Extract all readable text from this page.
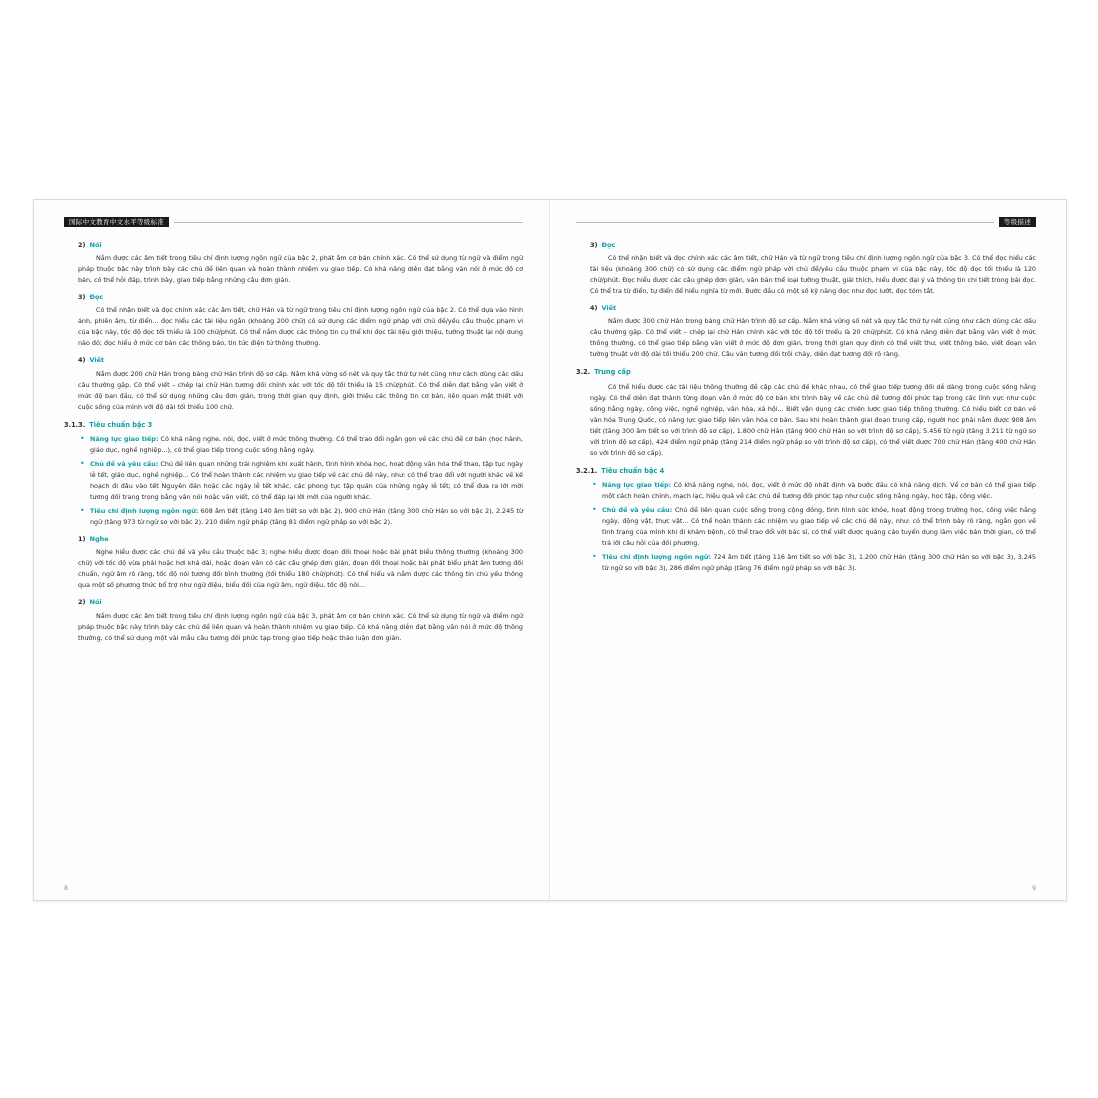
国际中文教育中文水平等级标准
2) Nói

Nắm được các âm tiết trong tiêu chí định lượng ngôn ngữ của bậc 2, phát âm cơ bản chính xác. Có thể sử dụng từ ngữ và điểm ngữ pháp thuộc bậc này trình bày các chủ đề liên quan và hoàn thành nhiệm vụ giao tiếp. Có khả năng diễn đạt bằng văn nói ở mức độ cơ bản, có thể hỏi đáp, trình bày, giao tiếp bằng những câu đơn giản.

3) Đọc

Có thể nhận biết và đọc chính xác các âm tiết, chữ Hán và từ ngữ trong tiêu chí định lượng ngôn ngữ của bậc 2. Có thể dựa vào hình ảnh, phiên âm, từ điển... đọc hiểu các tài liệu ngắn (khoảng 200 chữ) có sử dụng các điểm ngữ pháp với chủ đề/yếu câu thuộc phạm vi của bậc này, tốc độ đọc tối thiểu là 100 chữ/phút. Có thể nắm được các thông tin cụ thể khi đọc tài liệu giới thiệu, tường thuật lại nội dung nào đó; đọc hiểu ở mức cơ bản các thông báo, tin tức điện tử thông thường.

4) Viết

Nắm được 200 chữ Hán trong bảng chữ Hán trình độ sơ cấp. Nắm khá vững số nét và quy tắc thứ tự nét cũng như cách dùng các dấu câu thường gặp. Có thể viết – chép lại chữ Hán tương đối chính xác với tốc độ tối thiểu là 15 chữ/phút. Có thể diễn đạt bằng văn viết ở mức độ ban đầu, có thể sử dụng những câu đơn giản, trong thời gian quy định, giới thiệu các thông tin cơ bản, liên quan mật thiết với cuộc sống của mình với độ dài tối thiểu 100 chữ.

3.1.3. Tiêu chuẩn bậc 3

• Năng lực giao tiếp: Có khả năng nghe, nói, đọc, viết ở mức thông thường. Có thể trao đổi ngắn gọn về các chủ đề cơ bản (học hành, giáo dục, nghề nghiệp...), có thể giao tiếp trong cuộc sống hằng ngày.

• Chủ đề và yêu cầu: Chủ đề liên quan những trải nghiệm khi xuất hành, tình hình khóa học, hoạt động văn hóa thể thao, tập tục ngày lễ tết, giáo dục, nghề nghiệp... Có thể hoàn thành các nhiệm vụ giao tiếp về các chủ đề này, như: có thể trao đổi với người khác về kế hoạch đi đâu vào tết Nguyên đán hoặc các ngày lễ tết khác, các phong tục tập quán của những ngày lễ tết; có thể đưa ra lời mời tương đối trang trọng bằng văn nói hoặc văn viết, có thể đáp lại lời mời của người khác.

• Tiêu chí định lượng ngôn ngữ: 608 âm tiết (tăng 140 âm tiết so với bậc 2), 900 chữ Hán (tăng 300 chữ Hán so với bậc 2), 2.245 từ ngữ (tăng 973 từ ngữ so với bậc 2), 210 điểm ngữ pháp (tăng 81 điểm ngữ pháp so với bậc 2).

1) Nghe

Nghe hiểu được các chủ đề và yêu cầu thuộc bậc 3; nghe hiểu được đoạn đối thoại hoặc bài phát biểu thông thường (khoảng 300 chữ) với tốc độ vừa phải hoặc hơi khá dài, hoặc đoạn văn có các câu ghép đơn giản, đoạn đối thoại hoặc bài phát biểu phát âm tương đối chuẩn, ngữ âm rõ ràng, tốc độ nói tương đối bình thường (tối thiểu 180 chữ/phút). Có thể hiểu và nắm được các thông tin chủ yếu thông qua một số phương thức bổ trợ như ngữ điệu, biểu đối của ngữ âm, ngữ điệu, tốc độ nói...

2) Nói

Nắm được các âm tiết trong tiêu chí định lượng ngôn ngữ của bậc 3, phát âm cơ bản chính xác. Có thể sử dụng từ ngữ và điểm ngữ pháp thuộc bậc này trình bày các chủ đề liên quan và hoàn thành nhiệm vụ giao tiếp. Có khả năng diễn đạt bằng văn nói ở mức độ thông thường, có thể sử dụng một vài mẫu câu tương đối phức tạp trong giao tiếp hoặc thảo luận đơn giản.

8
等级描述
3) Đọc

Có thể nhận biết và đọc chính xác các âm tiết, chữ Hán và từ ngữ trong tiêu chí định lượng ngôn ngữ của bậc 3. Có thể đọc hiểu các tài liệu (khoảng 300 chữ) có sử dụng các điểm ngữ pháp với chủ đề/yêu cầu thuộc phạm vi của bậc này, tốc độ đọc tối thiểu là 120 chữ/phút. Đọc hiểu được các câu ghép đơn giản, văn bản thể loại tường thuật, giải thích, hiểu được đại ý và thông tin chi tiết trong bài đọc. Có thể tra từ điển, tự điển để hiểu nghĩa từ mới. Bước đầu có một số kỹ năng đọc như đọc lướt, đọc tóm tắt.

4) Viết

Nắm được 300 chữ Hán trong bảng chữ Hán trình độ sơ cấp. Nắm khá vững số nét và quy tắc thứ tự nét cũng như cách dùng các dấu câu thường gặp. Có thể viết – chép lại chữ Hán chính xác với tốc độ tối thiểu là 20 chữ/phút. Có khả năng diễn đạt bằng văn viết ở mức thông thường, có thể giao tiếp bằng văn viết ở mức độ đơn giản, trong thời gian quy định có thể viết thư, viết thông báo, viết đoạn văn tường thuật với độ dài tối thiểu 200 chữ. Câu văn tương đối trôi chảy, diễn đạt tương đối rõ ràng.

3.2. Trung cấp

Có thể hiểu được các tài liệu thông thường đề cập các chủ đề khác nhau, có thể giao tiếp tương đối dễ dàng trong cuộc sống hằng ngày. Có thể diễn đạt thành từng đoạn văn ở mức độ cơ bản khi trình bày về các chủ đề tương đối phức tạp trong các lĩnh vực như cuộc sống hằng ngày, công việc, nghề nghiệp, văn hóa, xã hội... Biết vận dụng các chiến lược giao tiếp thông thường. Có hiểu biết cơ bản về văn hóa Trung Quốc, có năng lực giao tiếp liên văn hóa cơ bản. Sau khi hoàn thành giai đoạn trung cấp, người học phải nắm được 908 âm tiết (tăng 300 âm tiết so với trình độ sơ cấp), 1.800 chữ Hán (tăng 900 chữ Hán so với trình độ sơ cấp), 5.456 từ ngữ (tăng 3.211 từ ngữ so với trình độ sơ cấp), 424 điểm ngữ pháp (tăng 214 điểm ngữ pháp so với trình độ sơ cấp), có thể viết được 700 chữ Hán (tăng 400 chữ Hán so với trình độ sơ cấp).

3.2.1. Tiêu chuẩn bậc 4

• Năng lực giao tiếp: Có khả năng nghe, nói, đọc, viết ở mức độ nhất định và bước đầu có khả năng dịch. Về cơ bản có thể giao tiếp một cách hoàn chỉnh, mạch lạc, hiệu quả về các chủ đề tương đối phức tạp như cuộc sống hằng ngày, học tập, công việc.

• Chủ đề và yêu cầu: Chủ đề liên quan cuộc sống trong cộng đồng, tình hình sức khỏe, hoạt động trong trường học, công việc hằng ngày, động vật, thực vật... Có thể hoàn thành các nhiệm vụ giao tiếp về các chủ đề này, như: có thể trình bày rõ ràng, ngắn gọn về tình trạng của mình khi đi khám bệnh, có thể trao đổi với bác sĩ, có thể viết được quảng cáo tuyển dụng làm việc bán thời gian, có thể trả lời câu hỏi của đối phương.

• Tiêu chí định lượng ngôn ngữ: 724 âm tiết (tăng 116 âm tiết so với bậc 3), 1.200 chữ Hán (tăng 300 chữ Hán so với bậc 3), 3.245 từ ngữ so với bậc 3), 286 điểm ngữ pháp (tăng 76 điểm ngữ pháp so với bậc 3).

9
